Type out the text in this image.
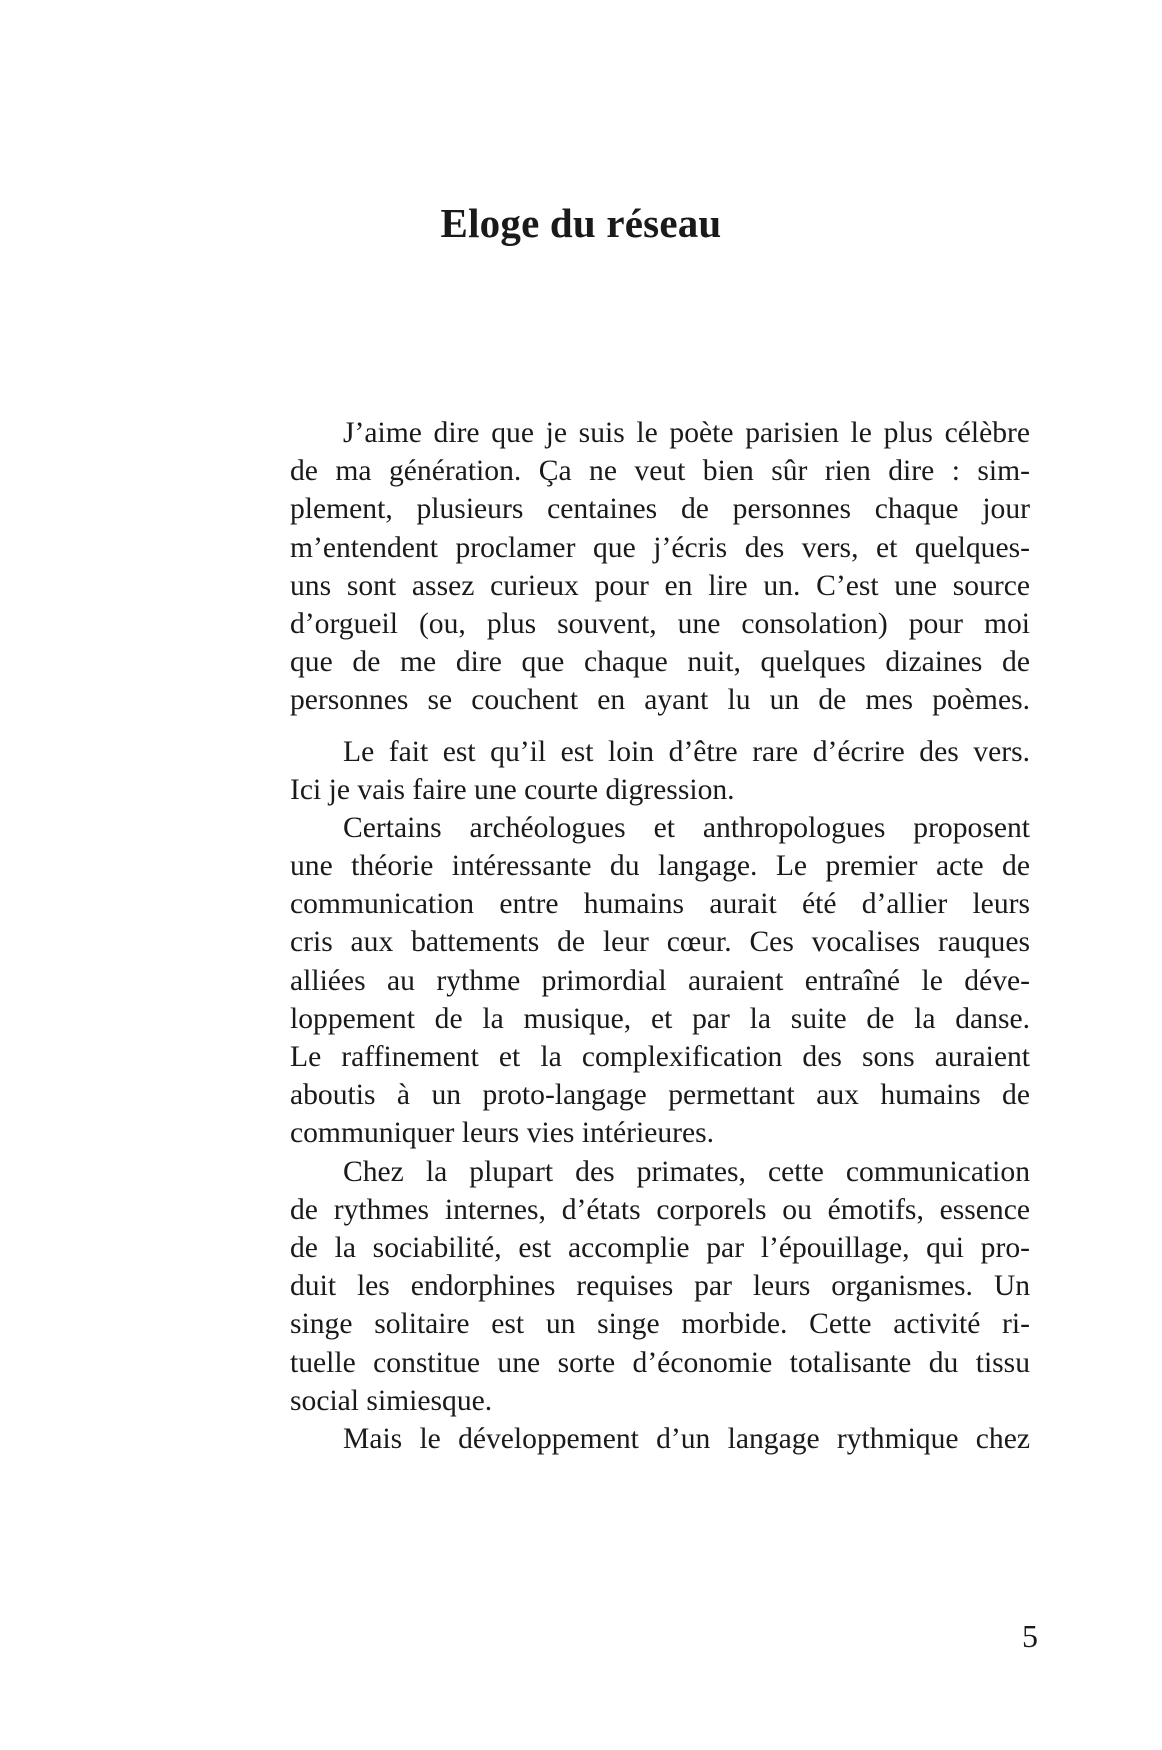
Eloge du réseau
J’aime dire que je suis le poète parisien le plus célèbre
de ma génération. Ça ne veut bien sûr rien dire : sim-
plement, plusieurs centaines de personnes chaque jour
m’entendent proclamer que j’écris des vers, et quelques-
uns sont assez curieux pour en lire un. C’est une source
d’orgueil (ou, plus souvent, une consolation) pour moi
que de me dire que chaque nuit, quelques dizaines de
personnes se couchent en ayant lu un de mes poèmes.
Le fait est qu’il est loin d’être rare d’écrire des vers.
Ici je vais faire une courte digression.
Certains archéologues et anthropologues proposent
une théorie intéressante du langage. Le premier acte de
communication entre humains aurait été d’allier leurs
cris aux battements de leur cœur. Ces vocalises rauques
alliées au rythme primordial auraient entraîné le déve-
loppement de la musique, et par la suite de la danse.
Le raffinement et la complexification des sons auraient
aboutis à un proto-langage permettant aux humains de
communiquer leurs vies intérieures.
Chez la plupart des primates, cette communication
de rythmes internes, d’états corporels ou émotifs, essence
de la sociabilité, est accomplie par l’épouillage, qui pro-
duit les endorphines requises par leurs organismes. Un
singe solitaire est un singe morbide. Cette activité ri-
tuelle constitue une sorte d’économie totalisante du tissu
social simiesque.
Mais le développement d’un langage rythmique chez
5
